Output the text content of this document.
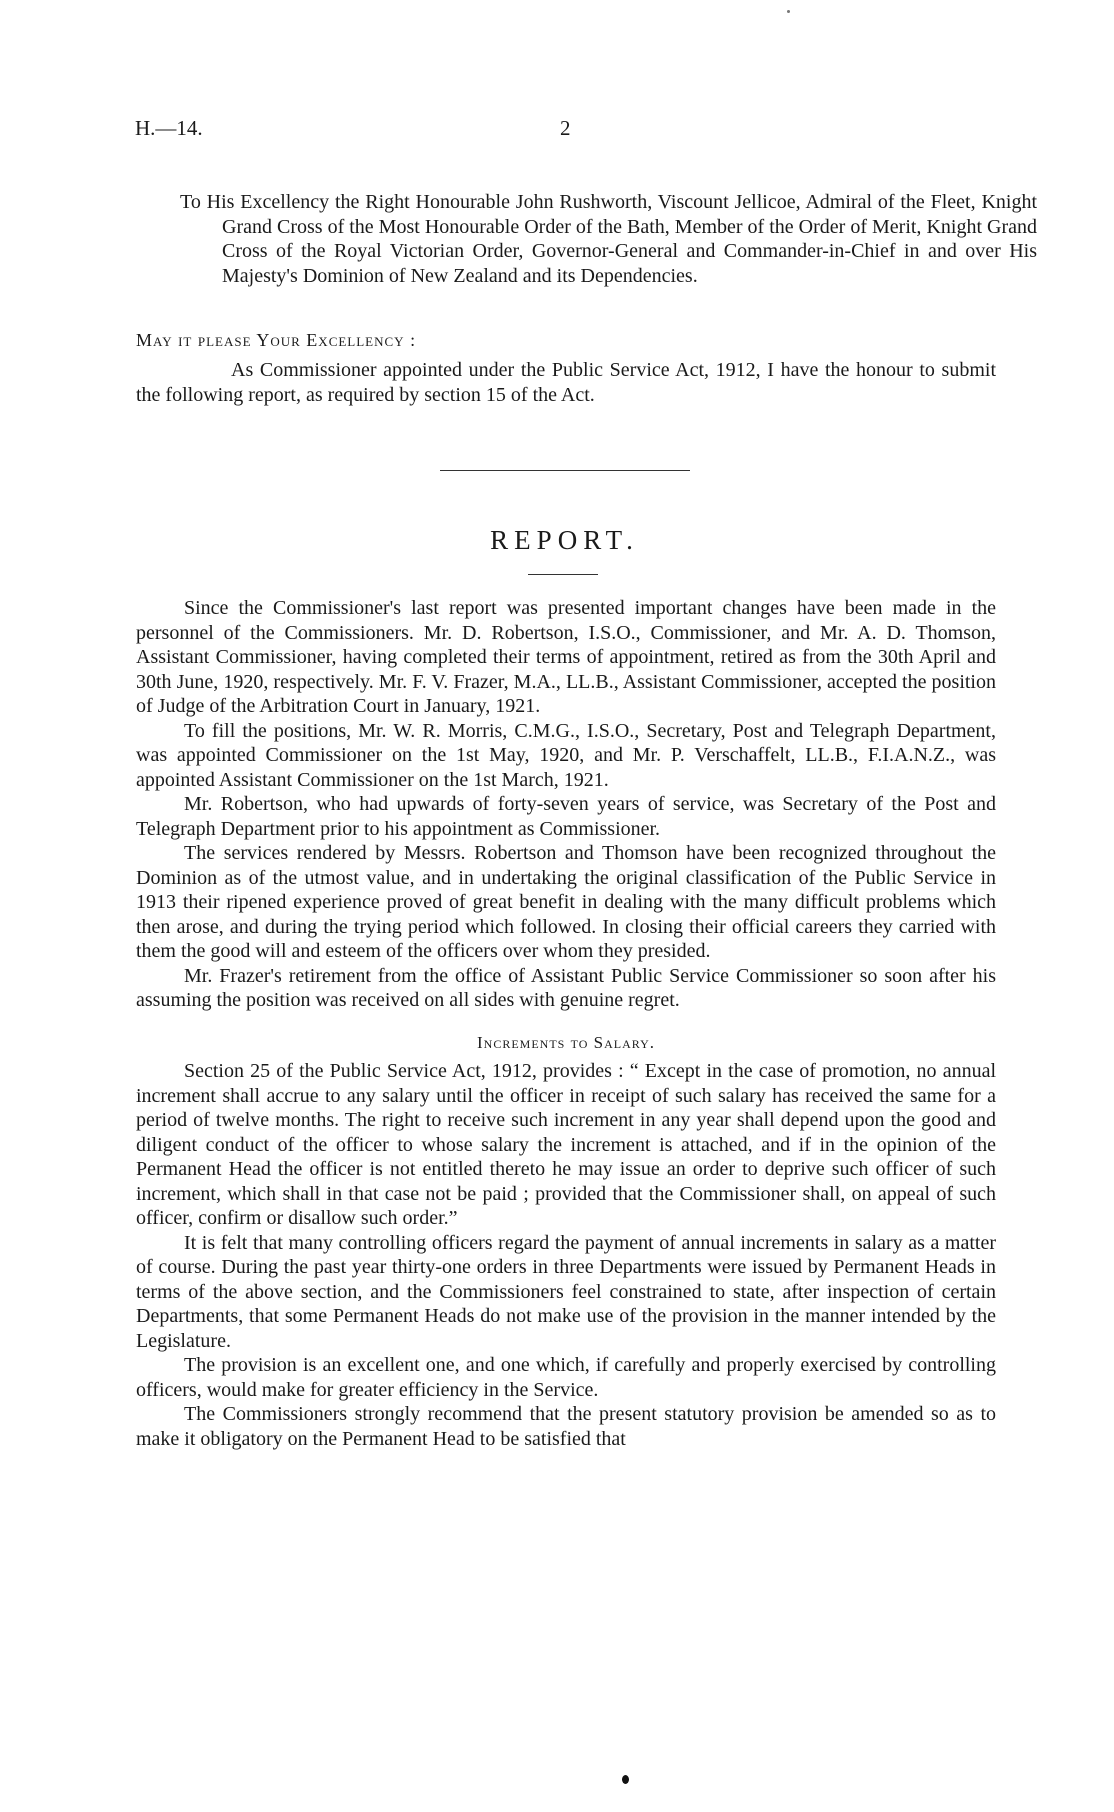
H.—14.	2
To His Excellency the Right Honourable John Rushworth, Viscount Jellicoe, Admiral of the Fleet, Knight Grand Cross of the Most Honourable Order of the Bath, Member of the Order of Merit, Knight Grand Cross of the Royal Victorian Order, Governor-General and Commander-in-Chief in and over His Majesty's Dominion of New Zealand and its Dependencies.
May it please Your Excellency :
As Commissioner appointed under the Public Service Act, 1912, I have the honour to submit the following report, as required by section 15 of the Act.
REPORT.

Since the Commissioner's last report was presented important changes have been made in the personnel of the Commissioners. Mr. D. Robertson, I.S.O., Commissioner, and Mr. A. D. Thomson, Assistant Commissioner, having completed their terms of appointment, retired as from the 30th April and 30th June, 1920, respectively. Mr. F. V. Frazer, M.A., LL.B., Assistant Commissioner, accepted the position of Judge of the Arbitration Court in January, 1921.

To fill the positions, Mr. W. R. Morris, C.M.G., I.S.O., Secretary, Post and Telegraph Department, was appointed Commissioner on the 1st May, 1920, and Mr. P. Verschaffelt, LL.B., F.I.A.N.Z., was appointed Assistant Commissioner on the 1st March, 1921.

Mr. Robertson, who had upwards of forty-seven years of service, was Secretary of the Post and Telegraph Department prior to his appointment as Commissioner.

The services rendered by Messrs. Robertson and Thomson have been recognized throughout the Dominion as of the utmost value, and in undertaking the original classification of the Public Service in 1913 their ripened experience proved of great benefit in dealing with the many difficult problems which then arose, and during the trying period which followed. In closing their official careers they carried with them the good will and esteem of the officers over whom they presided.

Mr. Frazer's retirement from the office of Assistant Public Service Commissioner so soon after his assuming the position was received on all sides with genuine regret.

Increments to Salary.

Section 25 of the Public Service Act, 1912, provides : “ Except in the case of promotion, no annual increment shall accrue to any salary until the officer in receipt of such salary has received the same for a period of twelve months. The right to receive such increment in any year shall depend upon the good and diligent conduct of the officer to whose salary the increment is attached, and if in the opinion of the Permanent Head the officer is not entitled thereto he may issue an order to deprive such officer of such increment, which shall in that case not be paid ; provided that the Commissioner shall, on appeal of such officer, confirm or disallow such order.”

It is felt that many controlling officers regard the payment of annual increments in salary as a matter of course. During the past year thirty-one orders in three Departments were issued by Permanent Heads in terms of the above section, and the Commissioners feel constrained to state, after inspection of certain Departments, that some Permanent Heads do not make use of the provision in the manner intended by the Legislature.

The provision is an excellent one, and one which, if carefully and properly exercised by controlling officers, would make for greater efficiency in the Service.

The Commissioners strongly recommend that the present statutory provision be amended so as to make it obligatory on the Permanent Head to be satisfied that
